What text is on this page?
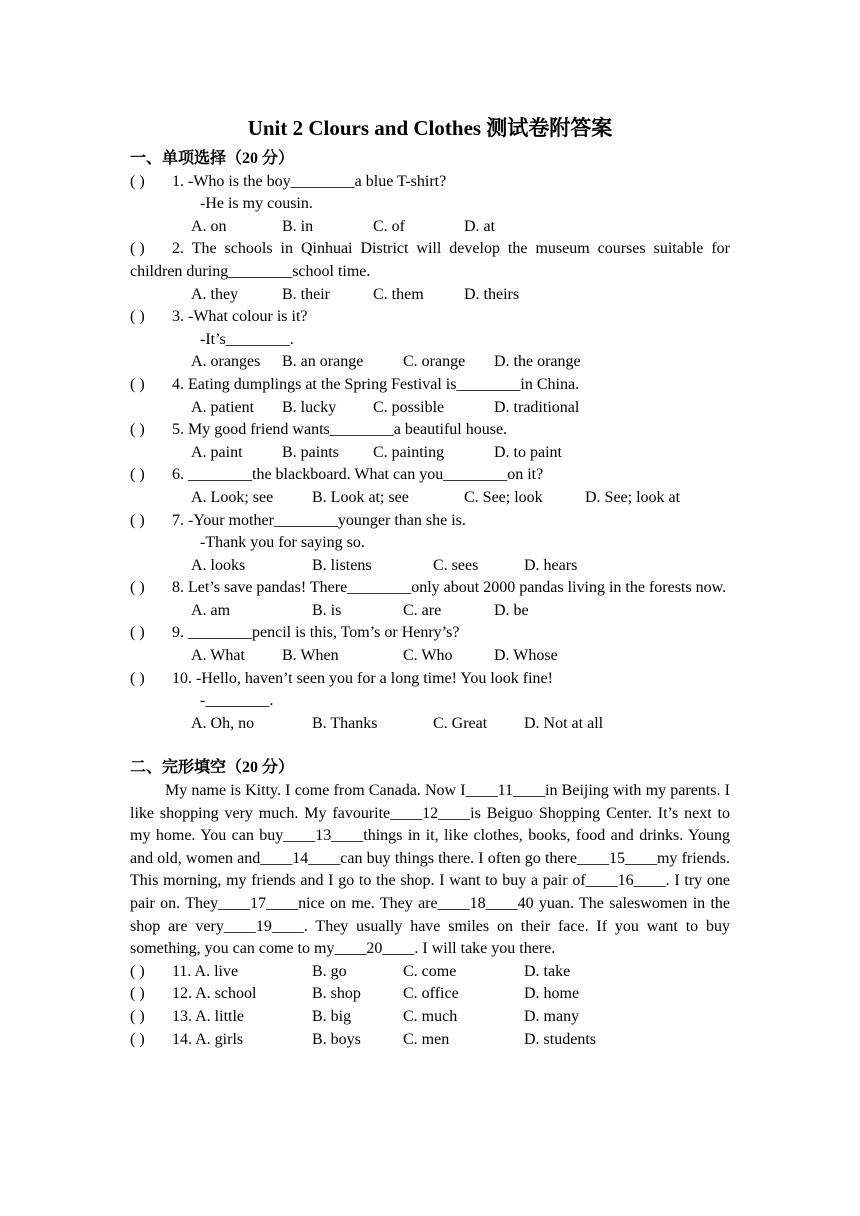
Unit 2 Clours and Clothes 测试卷附答案
一、单项选择（20 分）
( ) 1. -Who is the boy________a blue T-shirt?
-He is my cousin.
A. on	B. in	C. of	D. at
( ) 2. The schools in Qinhuai District will develop the museum courses suitable for children during________school time.
A. they	B. their	C. them	D. theirs
( ) 3. -What colour is it?
-It’s________.
A. oranges B. an orange C. orange D. the orange
( ) 4. Eating dumplings at the Spring Festival is________in China.
A. patient B. lucky C. possible	D. traditional
( ) 5. My good friend wants________a beautiful house.
A. paint B. paints C. painting	D. to paint
( ) 6. ________the blackboard. What can you________on it?
A. Look; see B. Look at; see	C. See; look	D. See; look at
( ) 7. -Your mother________younger than she is.
-Thank you for saying so.
A. looks	B. listens	C. sees	D. hears
( ) 8. Let’s save pandas! There________only about 2000 pandas living in the forests now.
A. am	B. is	C. are	D. be
( ) 9. ________pencil is this, Tom’s or Henry’s?
A. What B. When	C. Who	D. Whose
( ) 10. -Hello, haven’t seen you for a long time! You look fine!
-________.
A. Oh, no	B. Thanks	C. Great D. Not at all
二、完形填空（20 分）
My name is Kitty. I come from Canada. Now I____11____in Beijing with my parents. I like shopping very much. My favourite____12____is Beiguo Shopping Center. It’s next to my home. You can buy____13____things in it, like clothes, books, food and drinks. Young and old, women and____14____can buy things there. I often go there____15____my friends. This morning, my friends and I go to the shop. I want to buy a pair of____16____. I try one pair on. They____17____nice on me. They are____18____40 yuan. The saleswomen in the shop are very____19____. They usually have smiles on their face. If you want to buy something, you can come to my____20____. I will take you there.
( ) 11. A. live	B. go	C. come	D. take
( ) 12. A. school	B. shop	C. office	D. home
( ) 13. A. little	B. big	C. much	D. many
( ) 14. A. girls	B. boys	C. men	D. students
